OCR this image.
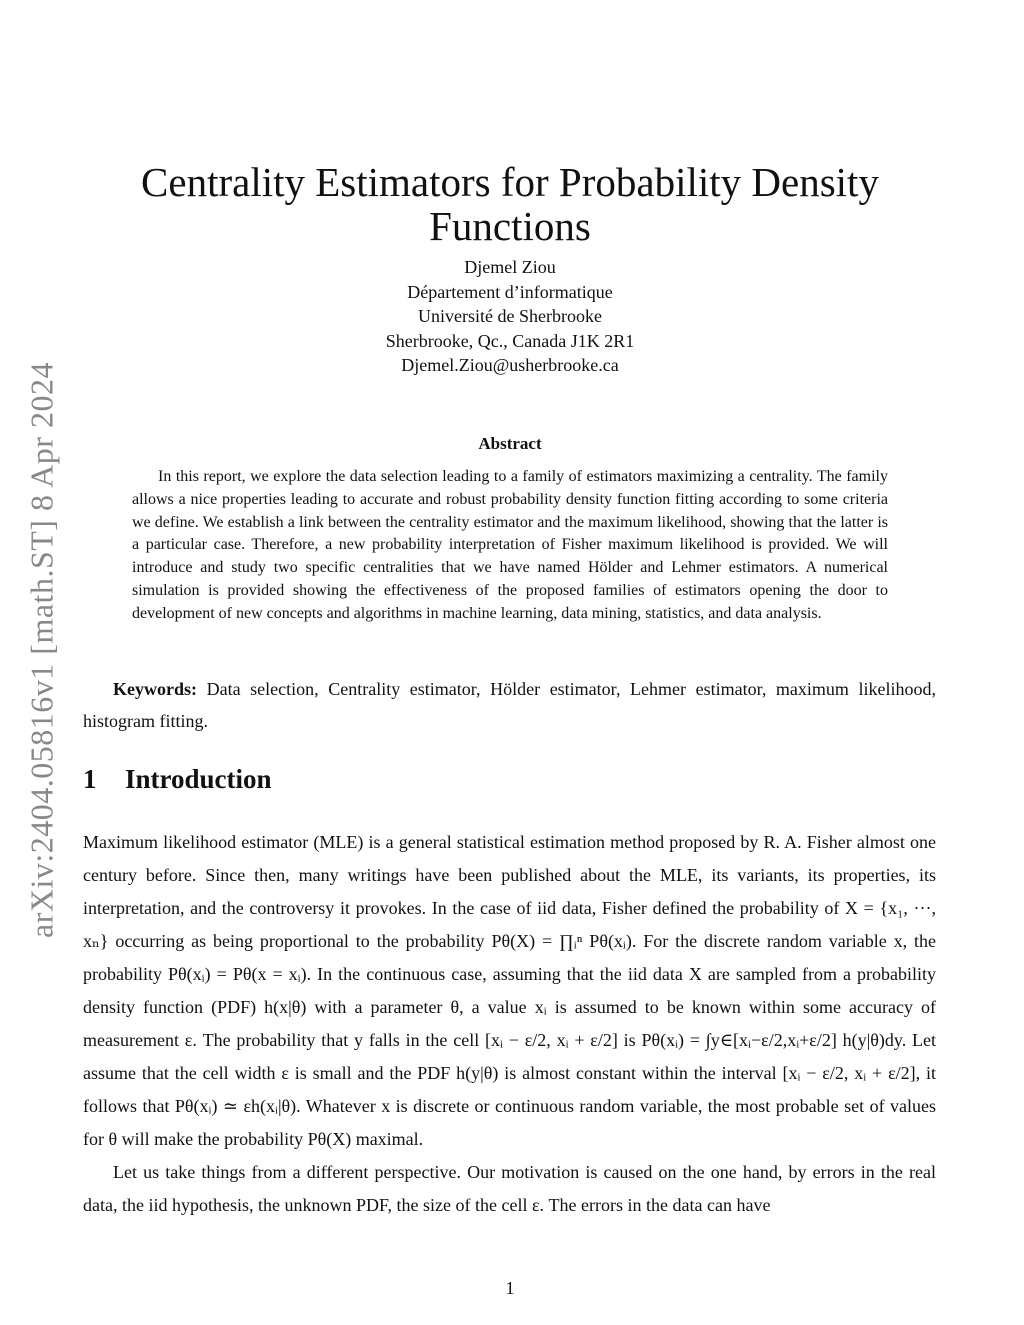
arXiv:2404.05816v1 [math.ST] 8 Apr 2024
Centrality Estimators for Probability Density Functions
Djemel Ziou
Département d’informatique
Université de Sherbrooke
Sherbrooke, Qc., Canada J1K 2R1
Djemel.Ziou@usherbrooke.ca
Abstract
In this report, we explore the data selection leading to a family of estimators maximizing a centrality. The family allows a nice properties leading to accurate and robust probability density function fitting according to some criteria we define. We establish a link between the centrality estimator and the maximum likelihood, showing that the latter is a particular case. Therefore, a new probability interpretation of Fisher maximum likelihood is provided. We will introduce and study two specific centralities that we have named Hölder and Lehmer estimators. A numerical simulation is provided showing the effectiveness of the proposed families of estimators opening the door to development of new concepts and algorithms in machine learning, data mining, statistics, and data analysis.
Keywords: Data selection, Centrality estimator, Hölder estimator, Lehmer estimator, maximum likelihood, histogram fitting.
1 Introduction

Maximum likelihood estimator (MLE) is a general statistical estimation method proposed by R. A. Fisher almost one century before. Since then, many writings have been published about the MLE, its variants, its properties, its interpretation, and the controversy it provokes. In the case of iid data, Fisher defined the probability of X = {x₁, ···, xₙ} occurring as being proportional to the probability Pθ(X) = ∏ᵢⁿ Pθ(xᵢ). For the discrete random variable x, the probability Pθ(xᵢ) = Pθ(x = xᵢ). In the continuous case, assuming that the iid data X are sampled from a probability density function (PDF) h(x|θ) with a parameter θ, a value xᵢ is assumed to be known within some accuracy of measurement ε. The probability that y falls in the cell [xᵢ − ε/2, xᵢ + ε/2] is Pθ(xᵢ) = ∫y∈[xᵢ−ε/2,xᵢ+ε/2] h(y|θ)dy. Let assume that the cell width ε is small and the PDF h(y|θ) is almost constant within the interval [xᵢ − ε/2, xᵢ + ε/2], it follows that Pθ(xᵢ) ≃ εh(xᵢ|θ). Whatever x is discrete or continuous random variable, the most probable set of values for θ will make the probability Pθ(X) maximal.

Let us take things from a different perspective. Our motivation is caused on the one hand, by errors in the real data, the iid hypothesis, the unknown PDF, the size of the cell ε. The errors in the data can have

1
